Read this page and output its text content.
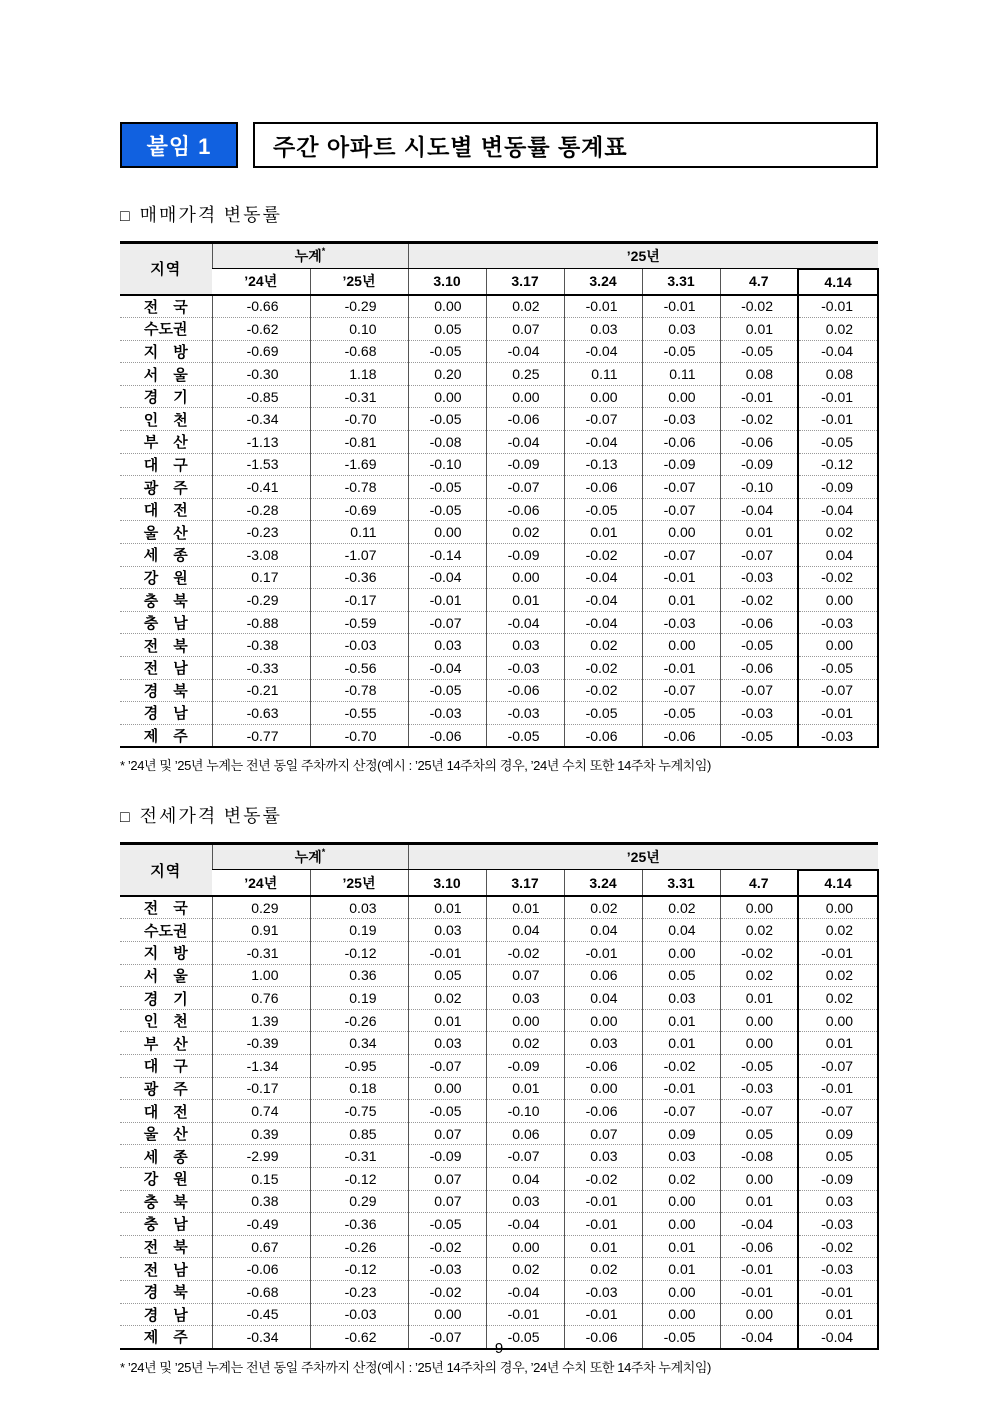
붙임 1	주간 아파트 시도별 변동률 통계표
□ 매매가격 변동률
지역	누계*		’25년					
	’24년	’25년	3.10	3.17	3.24	3.31	4.7	4.14
전　국	-0.66	-0.29	0.00	0.02	-0.01	-0.01	-0.02	-0.01
수도권	-0.62	0.10	0.05	0.07	0.03	0.03	0.01	0.02
지　방	-0.69	-0.68	-0.05	-0.04	-0.04	-0.05	-0.05	-0.04
서　울	-0.30	1.18	0.20	0.25	0.11	0.11	0.08	0.08
경　기	-0.85	-0.31	0.00	0.00	0.00	0.00	-0.01	-0.01
인　천	-0.34	-0.70	-0.05	-0.06	-0.07	-0.03	-0.02	-0.01
부　산	-1.13	-0.81	-0.08	-0.04	-0.04	-0.06	-0.06	-0.05
대　구	-1.53	-1.69	-0.10	-0.09	-0.13	-0.09	-0.09	-0.12
광　주	-0.41	-0.78	-0.05	-0.07	-0.06	-0.07	-0.10	-0.09
대　전	-0.28	-0.69	-0.05	-0.06	-0.05	-0.07	-0.04	-0.04
울　산	-0.23	0.11	0.00	0.02	0.01	0.00	0.01	0.02
세　종	-3.08	-1.07	-0.14	-0.09	-0.02	-0.07	-0.07	0.04
강　원	0.17	-0.36	-0.04	0.00	-0.04	-0.01	-0.03	-0.02
충　북	-0.29	-0.17	-0.01	0.01	-0.04	0.01	-0.02	0.00
충　남	-0.88	-0.59	-0.07	-0.04	-0.04	-0.03	-0.06	-0.03
전　북	-0.38	-0.03	0.03	0.03	0.02	0.00	-0.05	0.00
전　남	-0.33	-0.56	-0.04	-0.03	-0.02	-0.01	-0.06	-0.05
경　북	-0.21	-0.78	-0.05	-0.06	-0.02	-0.07	-0.07	-0.07
경　남	-0.63	-0.55	-0.03	-0.03	-0.05	-0.05	-0.03	-0.01
제　주	-0.77	-0.70	-0.06	-0.05	-0.06	-0.06	-0.05	-0.03
* ’24년 및 ’25년 누계는 전년 동일 주차까지 산정(예시 : ’25년 14주차의 경우, ’24년 수치 또한 14주차 누계치임)
□ 전세가격 변동률
지역	누계*		’25년					
	’24년	’25년	3.10	3.17	3.24	3.31	4.7	4.14
전　국	0.29	0.03	0.01	0.01	0.02	0.02	0.00	0.00
수도권	0.91	0.19	0.03	0.04	0.04	0.04	0.02	0.02
지　방	-0.31	-0.12	-0.01	-0.02	-0.01	0.00	-0.02	-0.01
서　울	1.00	0.36	0.05	0.07	0.06	0.05	0.02	0.02
경　기	0.76	0.19	0.02	0.03	0.04	0.03	0.01	0.02
인　천	1.39	-0.26	0.01	0.00	0.00	0.01	0.00	0.00
부　산	-0.39	0.34	0.03	0.02	0.03	0.01	0.00	0.01
대　구	-1.34	-0.95	-0.07	-0.09	-0.06	-0.02	-0.05	-0.07
광　주	-0.17	0.18	0.00	0.01	0.00	-0.01	-0.03	-0.01
대　전	0.74	-0.75	-0.05	-0.10	-0.06	-0.07	-0.07	-0.07
울　산	0.39	0.85	0.07	0.06	0.07	0.09	0.05	0.09
세　종	-2.99	-0.31	-0.09	-0.07	0.03	0.03	-0.08	0.05
강　원	0.15	-0.12	0.07	0.04	-0.02	0.02	0.00	-0.09
충　북	0.38	0.29	0.07	0.03	-0.01	0.00	0.01	0.03
충　남	-0.49	-0.36	-0.05	-0.04	-0.01	0.00	-0.04	-0.03
전　북	0.67	-0.26	-0.02	0.00	0.01	0.01	-0.06	-0.02
전　남	-0.06	-0.12	-0.03	0.02	0.02	0.01	-0.01	-0.03
경　북	-0.68	-0.23	-0.02	-0.04	-0.03	0.00	-0.01	-0.01
경　남	-0.45	-0.03	0.00	-0.01	-0.01	0.00	0.00	0.01
제　주	-0.34	-0.62	-0.07	-0.05	-0.06	-0.05	-0.04	-0.04
* ’24년 및 ’25년 누계는 전년 동일 주차까지 산정(예시 : ’25년 14주차의 경우, ’24년 수치 또한 14주차 누계치임)
- 9 -
